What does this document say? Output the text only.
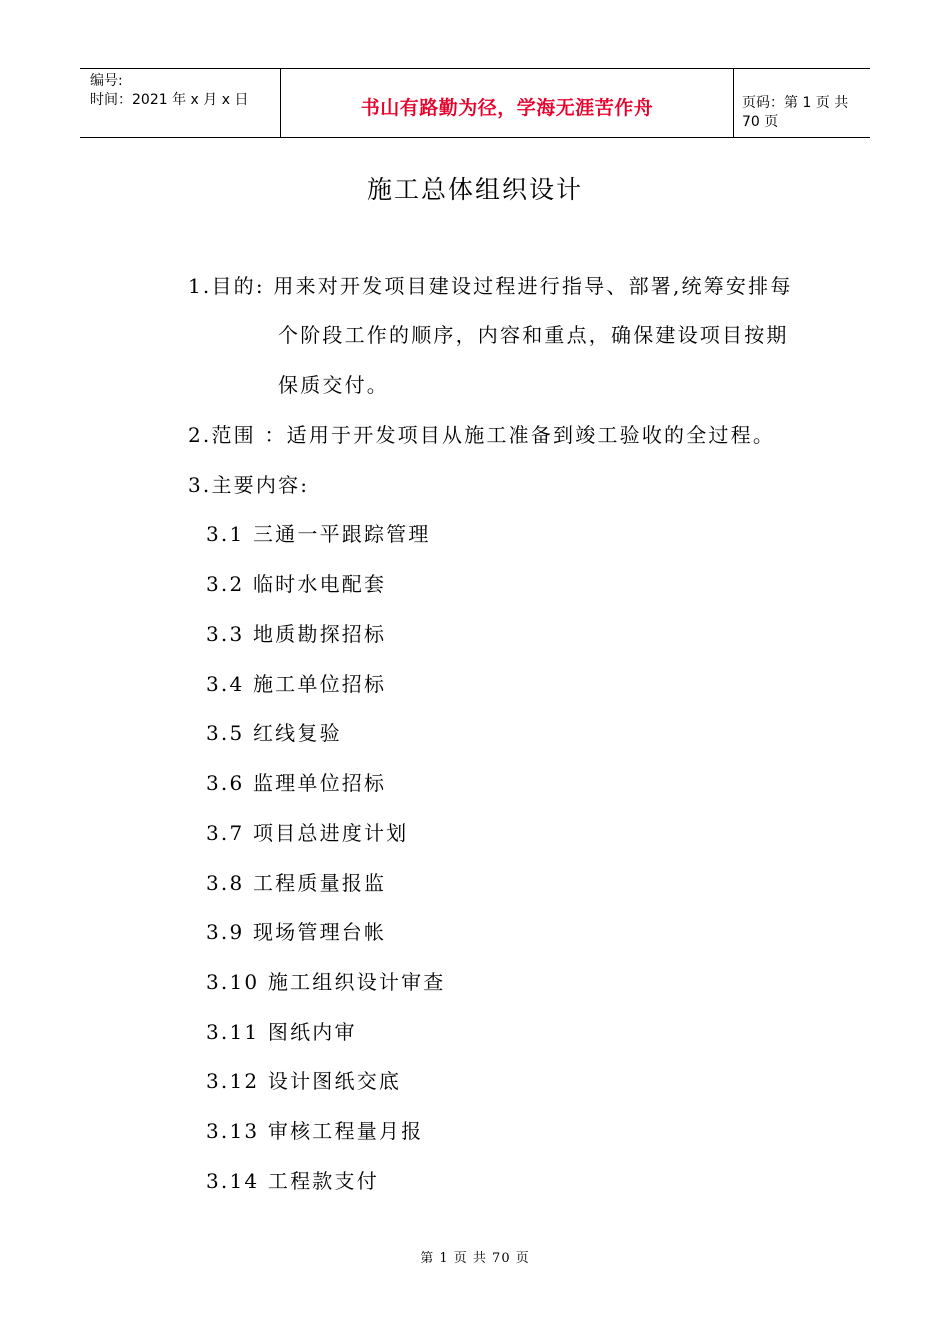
编号:
时间：2021 年 x 月 x 日	书山有路勤为径，学海无涯苦作舟	页码：第 1 页 共 70 页
施工总体组织设计
1.目的: 用来对开发项目建设过程进行指导、部署,统筹安排每
个阶段工作的顺序，内容和重点，确保建设项目按期
保质交付。
2.范围 ：适用于开发项目从施工准备到竣工验收的全过程。
3.主要内容:
3.1 三通一平跟踪管理
3.2 临时水电配套
3.3 地质勘探招标
3.4 施工单位招标
3.5 红线复验
3.6 监理单位招标
3.7 项目总进度计划
3.8 工程质量报监
3.9 现场管理台帐
3.10 施工组织设计审查
3.11 图纸内审
3.12 设计图纸交底
3.13 审核工程量月报
3.14 工程款支付
第 1 页 共 70 页
